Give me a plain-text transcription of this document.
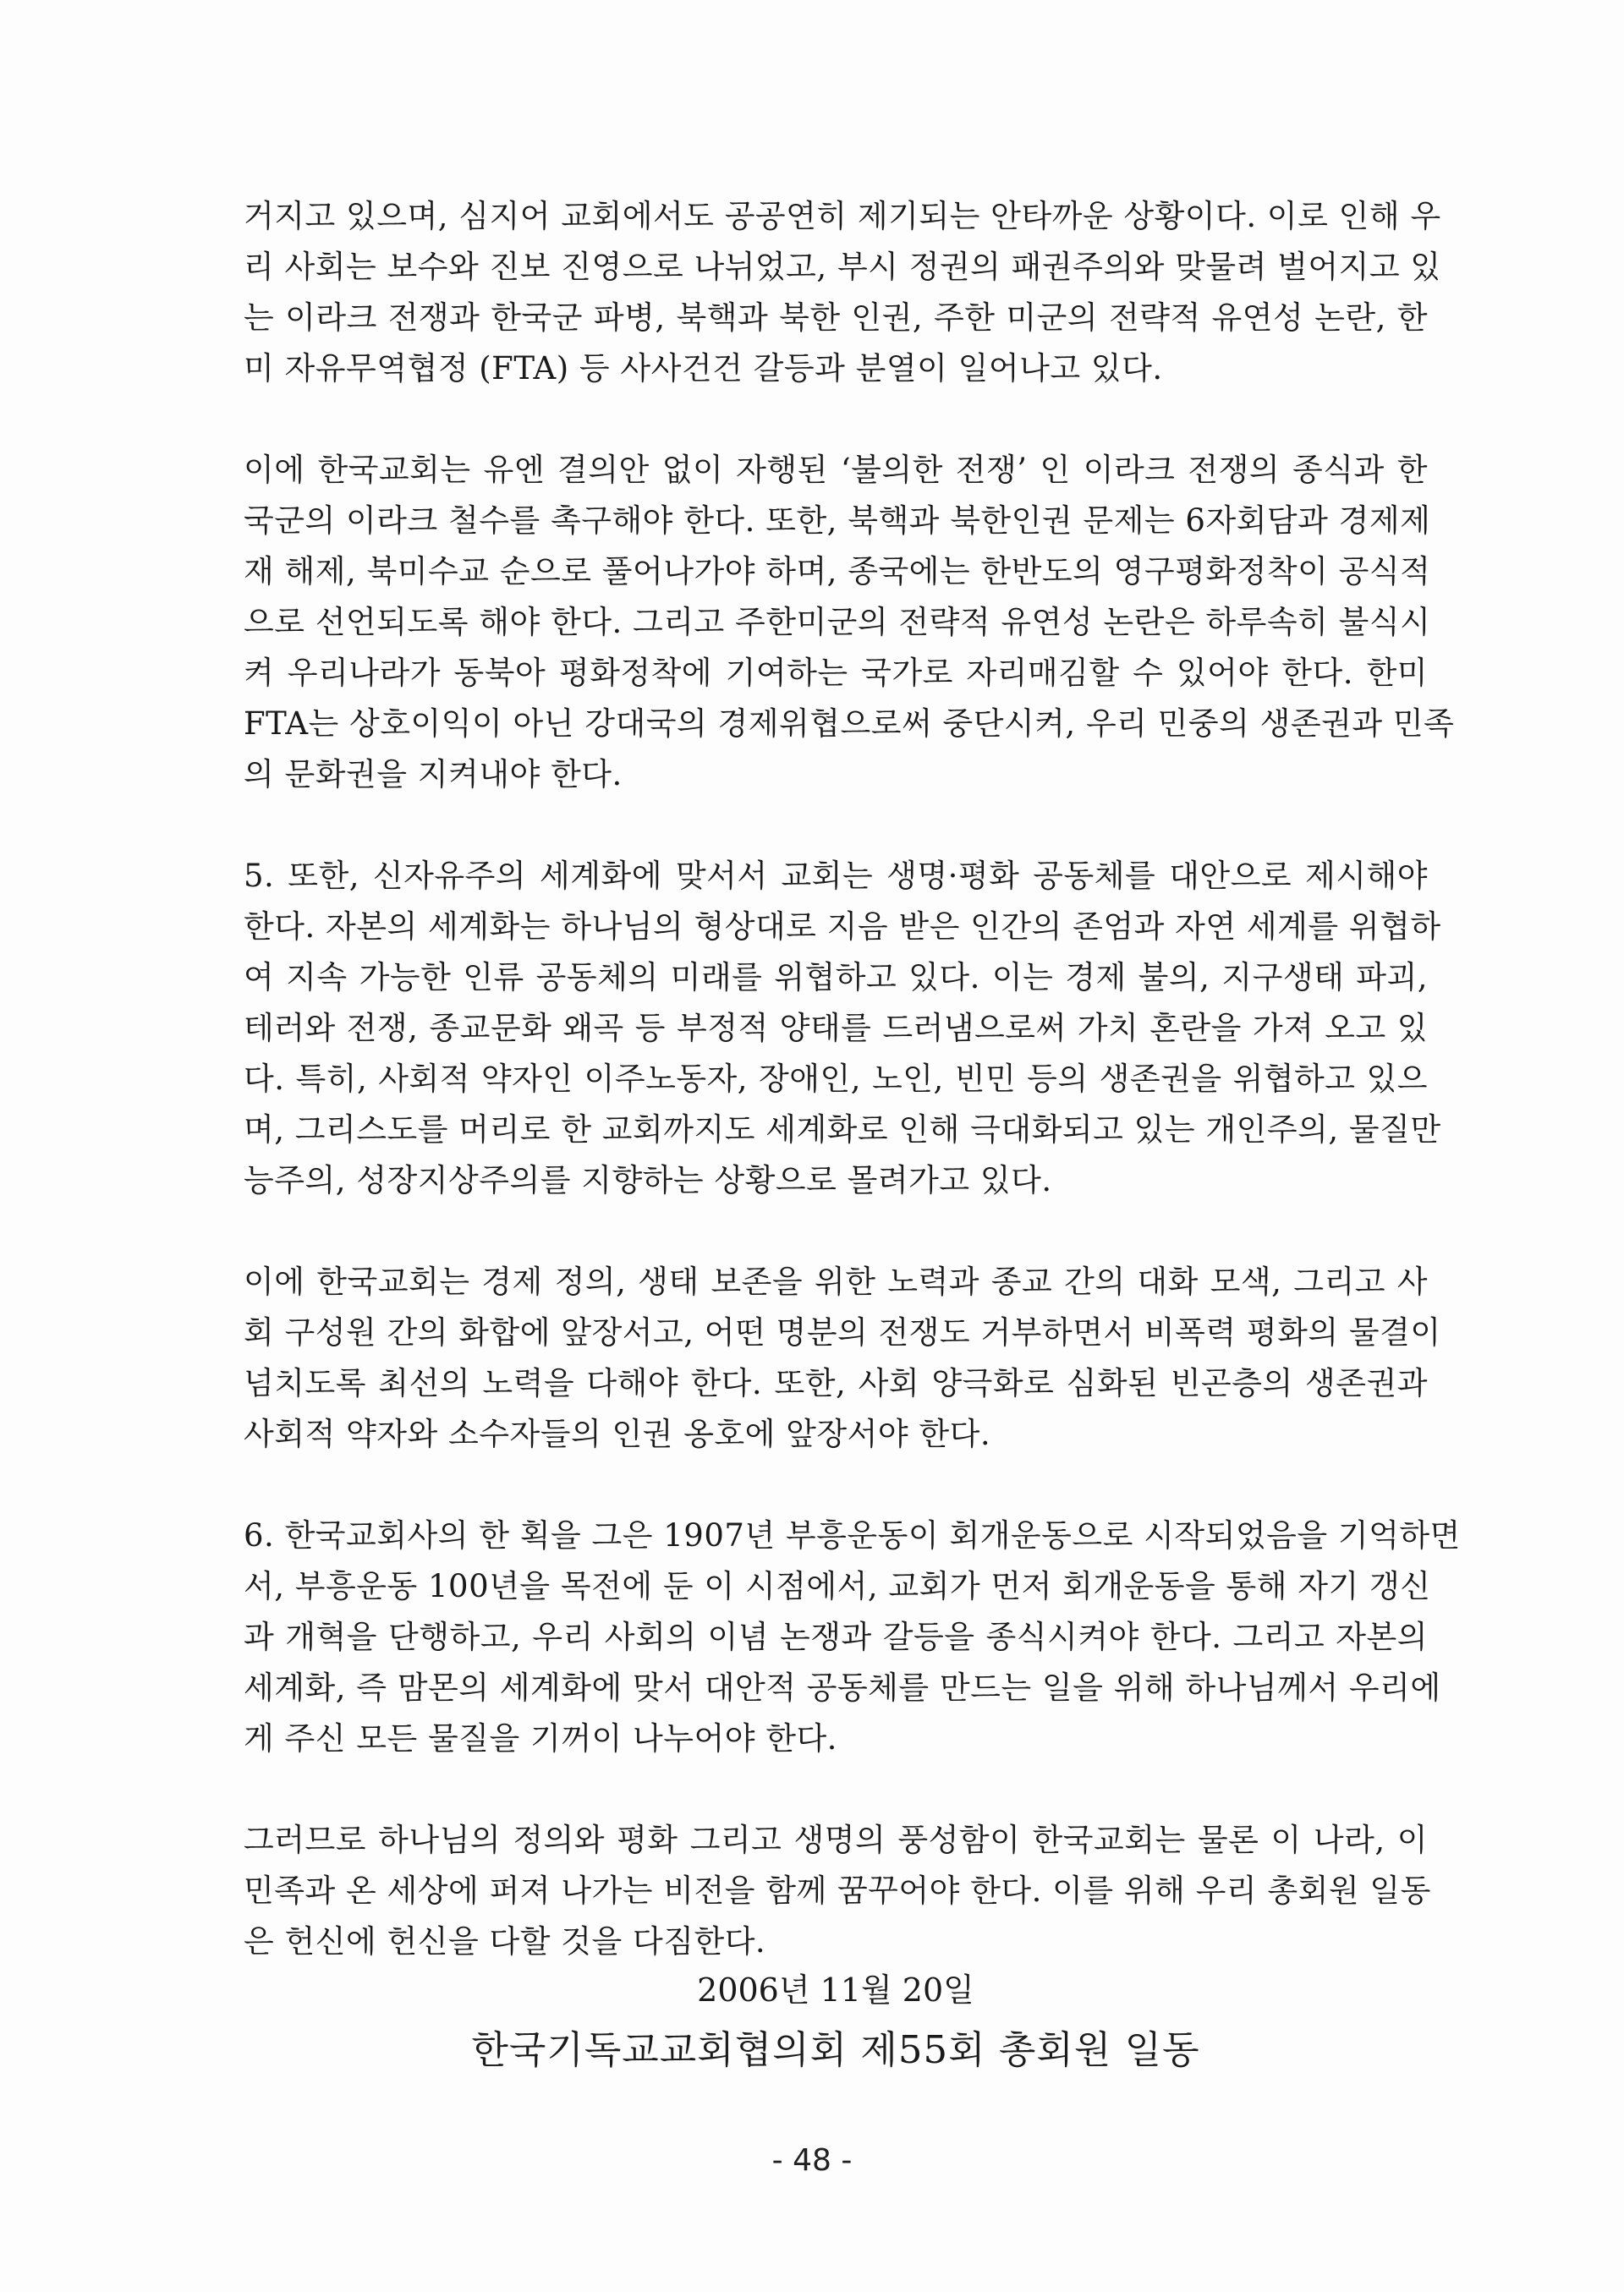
거지고 있으며, 심지어 교회에서도 공공연히 제기되는 안타까운 상황이다. 이로 인해 우
리 사회는 보수와 진보 진영으로 나뉘었고, 부시 정권의 패권주의와 맞물려 벌어지고 있
는 이라크 전쟁과 한국군 파병, 북핵과 북한 인권, 주한 미군의 전략적 유연성 논란, 한
미 자유무역협정 (FTA) 등 사사건건 갈등과 분열이 일어나고 있다.

이에 한국교회는 유엔 결의안 없이 자행된 ‘불의한 전쟁’ 인 이라크 전쟁의 종식과 한
국군의 이라크 철수를 촉구해야 한다. 또한, 북핵과 북한인권 문제는 6자회담과 경제제
재 해제, 북미수교 순으로 풀어나가야 하며, 종국에는 한반도의 영구평화정착이 공식적
으로 선언되도록 해야 한다. 그리고 주한미군의 전략적 유연성 논란은 하루속히 불식시
켜 우리나라가 동북아 평화정착에 기여하는 국가로 자리매김할 수 있어야 한다. 한미
FTA는 상호이익이 아닌 강대국의 경제위협으로써 중단시켜, 우리 민중의 생존권과 민족
의 문화권을 지켜내야 한다.

5. 또한, 신자유주의 세계화에 맞서서 교회는 생명·평화 공동체를 대안으로 제시해야
한다. 자본의 세계화는 하나님의 형상대로 지음 받은 인간의 존엄과 자연 세계를 위협하
여 지속 가능한 인류 공동체의 미래를 위협하고 있다. 이는 경제 불의, 지구생태 파괴,
테러와 전쟁, 종교문화 왜곡 등 부정적 양태를 드러냄으로써 가치 혼란을 가져 오고 있
다. 특히, 사회적 약자인 이주노동자, 장애인, 노인, 빈민 등의 생존권을 위협하고 있으
며, 그리스도를 머리로 한 교회까지도 세계화로 인해 극대화되고 있는 개인주의, 물질만
능주의, 성장지상주의를 지향하는 상황으로 몰려가고 있다.

이에 한국교회는 경제 정의, 생태 보존을 위한 노력과 종교 간의 대화 모색, 그리고 사
회 구성원 간의 화합에 앞장서고, 어떤 명분의 전쟁도 거부하면서 비폭력 평화의 물결이
넘치도록 최선의 노력을 다해야 한다. 또한, 사회 양극화로 심화된 빈곤층의 생존권과
사회적 약자와 소수자들의 인권 옹호에 앞장서야 한다.

6. 한국교회사의 한 획을 그은 1907년 부흥운동이 회개운동으로 시작되었음을 기억하면
서, 부흥운동 100년을 목전에 둔 이 시점에서, 교회가 먼저 회개운동을 통해 자기 갱신
과 개혁을 단행하고, 우리 사회의 이념 논쟁과 갈등을 종식시켜야 한다. 그리고 자본의
세계화, 즉 맘몬의 세계화에 맞서 대안적 공동체를 만드는 일을 위해 하나님께서 우리에
게 주신 모든 물질을 기꺼이 나누어야 한다.

그러므로 하나님의 정의와 평화 그리고 생명의 풍성함이 한국교회는 물론 이 나라, 이
민족과 온 세상에 퍼져 나가는 비전을 함께 꿈꾸어야 한다. 이를 위해 우리 총회원 일동
은 헌신에 헌신을 다할 것을 다짐한다.

2006년 11월 20일
한국기독교교회협의회 제55회 총회원 일동
- 48 -
